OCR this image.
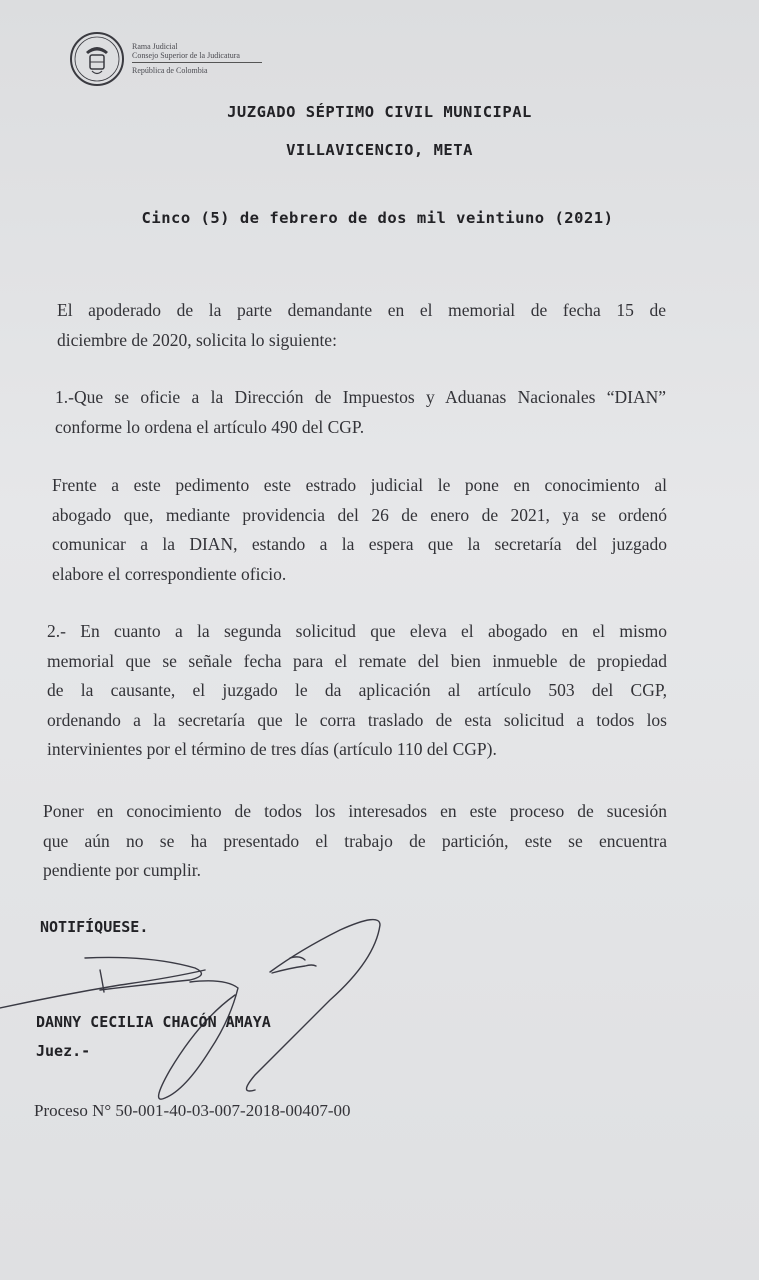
Rama Judicial
Consejo Superior de la Judicatura
República de Colombia
JUZGADO SÉPTIMO CIVIL MUNICIPAL
VILLAVICENCIO, META
Cinco (5) de febrero de dos mil veintiuno (2021)
El apoderado de la parte demandante en el memorial de fecha 15 de
diciembre de 2020, solicita lo siguiente:
1.-Que se oficie a la Dirección de Impuestos y Aduanas Nacionales “DIAN”
conforme lo ordena el artículo 490 del CGP.
Frente a este pedimento este estrado judicial le pone en conocimiento al
abogado que, mediante providencia del 26 de enero de 2021, ya se ordenó
comunicar a la DIAN, estando a la espera que la secretaría del juzgado
elabore el correspondiente oficio.
2.- En cuanto a la segunda solicitud que eleva el abogado en el mismo
memorial que se señale fecha para el remate del bien inmueble de propiedad
de la causante, el juzgado le da aplicación al artículo 503 del CGP,
ordenando a la secretaría que le corra traslado de esta solicitud a todos los
intervinientes por el término de tres días (artículo 110 del CGP).
Poner en conocimiento de todos los interesados en este proceso de sucesión
que aún no se ha presentado el trabajo de partición, este se encuentra
pendiente por cumplir.
NOTIFÍQUESE.
DANNY CECILIA CHACÓN AMAYA
Juez.-
Proceso N° 50-001-40-03-007-2018-00407-00
